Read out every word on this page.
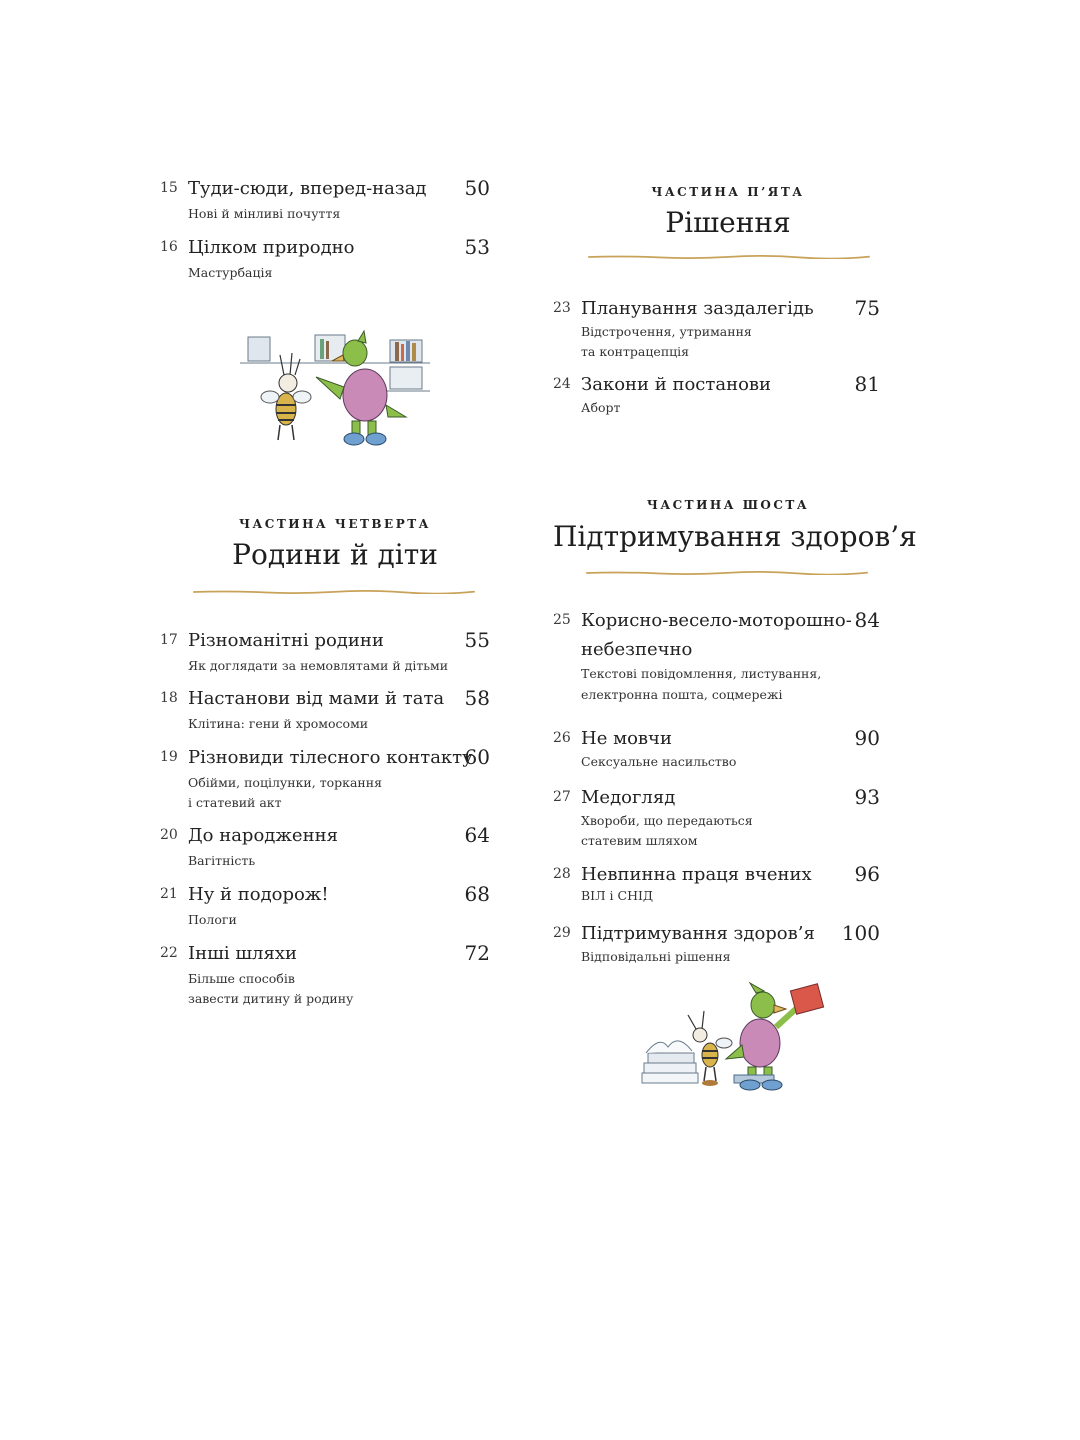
15 Туди-сюди, вперед-назад
Нові й мінливі почуття
50
16 Цілком природно
Мастурбація
53
ЧАСТИНА ЧЕТВЕРТА
Родини й діти
17 Різноманітні родини
Як доглядати за немовлятами й дітьми
55
18 Настанови від мами й тата
Клітина: гени й хромосоми
58
19 Різновиди тілесного контакту
Обійми, поцілунки, торкання
і статевий акт
60
20 До народження
Вагітність
64
21 Ну й подорож!
Пологи
68
22 Інші шляхи
Більше способів
завести дитину й родину
72
ЧАСТИНА П’ЯТА
Рішення
23 Планування заздалегідь
Відстрочення, утримання
та контрацепція
75
24 Закони й постанови
Аборт
81
ЧАСТИНА ШОСТА
Підтримування здоров’я
25 Корисно-весело-моторошно-
небезпечно
Текстові повідомлення, листування,
електронна пошта, соцмережі
84
26 Не мовчи
Сексуальне насильство
90
27 Медогляд
Хвороби, що передаються
статевим шляхом
93
28 Невпинна праця вчених
ВІЛ і СНІД
96
29 Підтримування здоров’я
Відповідальні рішення
100
